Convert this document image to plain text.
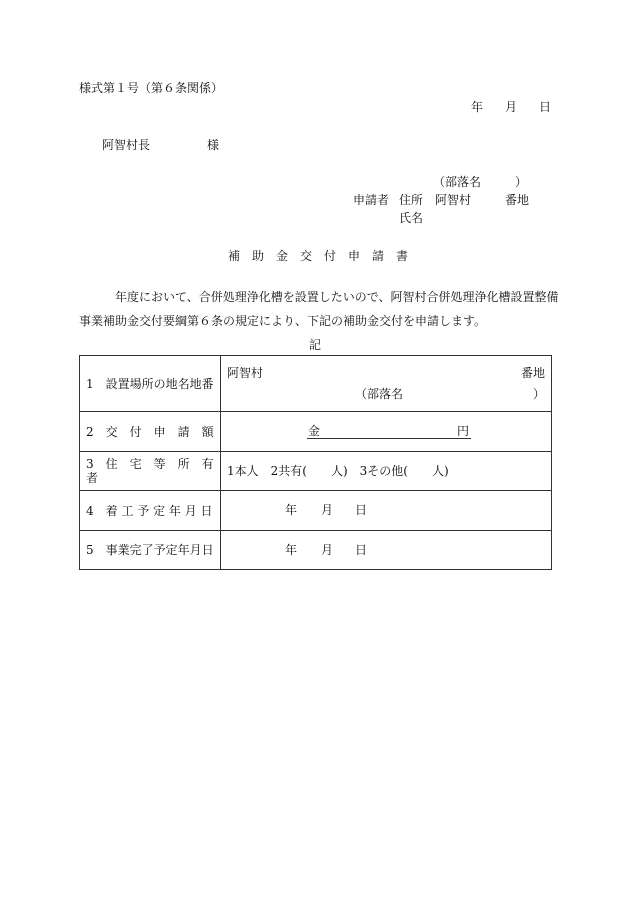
様式第１号（第６条関係）
年 月 日
阿智村長	様
（部落名	）
申請者 住所 阿智村	番地
氏名
補　助　金　交　付　申　請　書
年度において、合併処理浄化槽を設置したいので、阿智村合併処理浄化槽設置整備
事業補助金交付要綱第６条の規定により、下記の補助金交付を申請します。
記
1　設置場所の地名地番	阿智村 番地
（部落名 ）

2　交　付　申　請　額	金 円

3　住　宅　等　所　有　者	1本人　2共有(　　人)　3その他(　　人)
4　着 工 予 定 年 月 日	年 月 日

5　事業完了予定年月日	年 月 日
